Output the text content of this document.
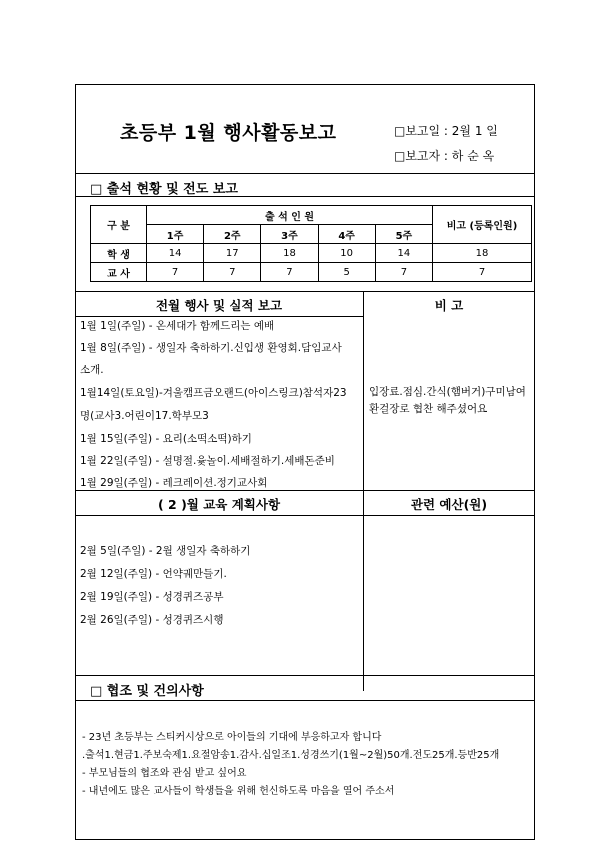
초등부 1월 행사활동보고	□보고일 : 2월 1 일
□보고자 : 하 순 옥
□ 출석 현황 및 전도 보고
구 분	출 석 인 원					비고 (등록인원)
	1주	2주	3주	4주	5주	
학 생	14	17	18	10	14	18
교 사	7	7	7	5	7	7
전월 행사 및 실적 보고	비 고
1월 1일(주일) - 온세대가 함께드리는 예배
1월 8일(주일) - 생일자 축하하기.신입생 환영회.담임교사
소개.
1월14일(토요일)-겨울캠프금오랜드(아이스링크)참석자23
명(교사3.어린이17.학부모3
1월 15일(주일) - 요리(소떡소떡)하기
1월 22일(주일) - 설명절.윷놀이.세배절하기.세배돈준비
1월 29일(주일) - 레크레이션.정기교사회
입장료.점심.간식(햄버거)구미남여환걸장로 협찬 해주셨어요
( 2 )월 교육 계획사항	관련 예산(원)
2월 5일(주일) - 2월 생일자 축하하기
2월 12일(주일) - 언약궤만들기.
2월 19일(주일) - 성경퀴즈공부
2월 26일(주일) - 성경퀴즈시행
□ 협조 및 건의사항
- 23년 초등부는 스티커시상으로 아이들의 기대에 부응하고자 합니다
.출석1.현금1.주보숙제1.요절암송1.감사.십일조1.성경쓰기(1월~2월)50개.전도25개.등반25개
- 부모님들의 협조와 관심 받고 싶어요
- 내년에도 많은 교사들이 학생들을 위해 헌신하도록 마음을 열어 주소서
